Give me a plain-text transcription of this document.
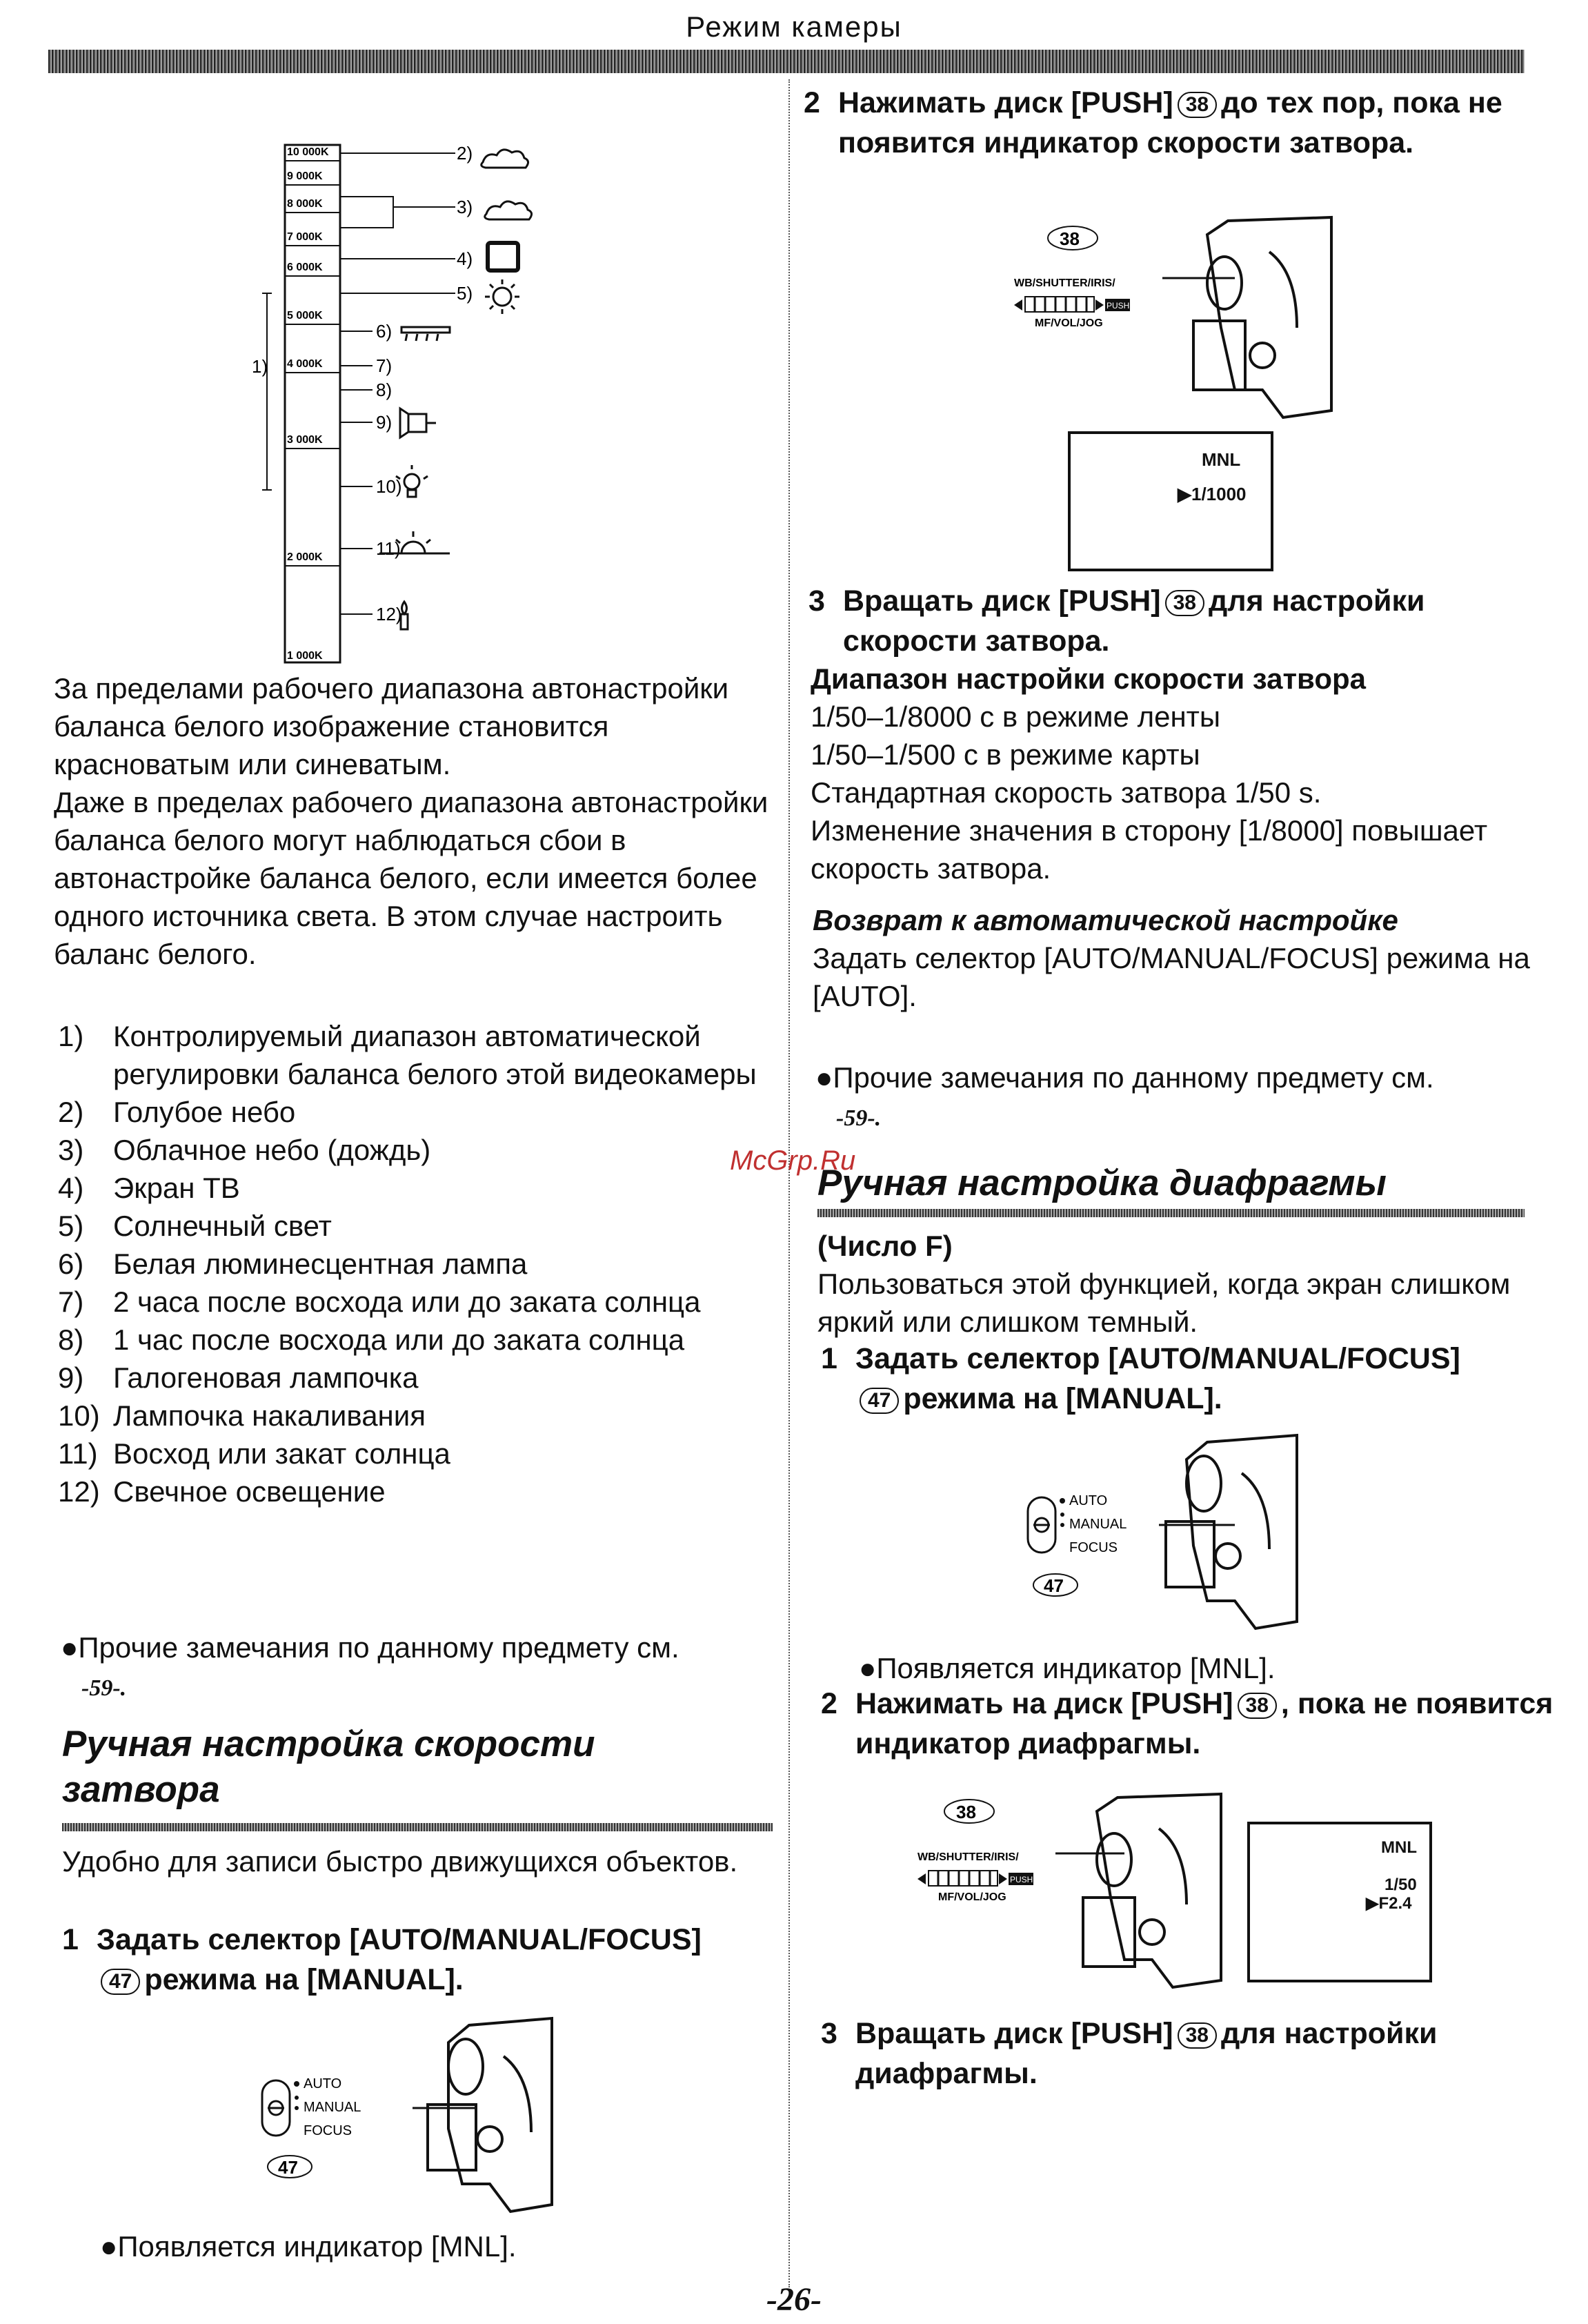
Режим камеры
10 000K
9 000K
8 000K
7 000K
6 000K
5 000K
4 000K
3 000K
2 000K
1 000K
1)
2)
3)
4)
5)
6)
7)
8)
9)
10)
11)
12)

За пределами рабочего диапазона автонастройки баланса белого изображение становится красноватым или синеватым.

Даже в пределах рабочего диапазона автонастройки баланса белого могут наблюдаться сбои в автонастройке баланса белого, если имеется более одного источника света. В этом случае настроить баланс белого.

1)	Контролируемый диапазон автоматической регулировки баланса белого этой видеокамеры
2)	Голубое небо
3)	Облачное небо (дождь)
4)	Экран ТВ
5)	Солнечный свет
6)	Белая люминесцентная лампа
7)	2 часа после восхода или до заката солнца
8)	1 час после восхода или до заката солнца
9)	Галогеновая лампочка
10) Лампочка накаливания
11) Восход или закат солнца
12) Свечное освещение

●Прочие замечания по данному предмету см.

-59-.

Ручная настройка скорости затвора
Удобно для записи быстро движущихся объектов.
1 Задать селектор [AUTO/MANUAL/FOCUS]
47 режима на [MANUAL].
AUTO
MANUAL
FOCUS
47
●Появляется индикатор [MNL].
2 Нажимать диск [PUSH] 38 до тех пор, пока не появится индикатор скорости затвора.
38
WB/SHUTTER/IRIS/
PUSH
MF/VOL/JOG
MNL
▶1/1000
3 Вращать диск [PUSH] 38 для настройки скорости затвора.

Диапазон настройки скорости затвора

1/50–1/8000 с в режиме ленты

1/50–1/500 с в режиме карты

Стандартная скорость затвора 1/50 s.

Изменение значения в сторону [1/8000] повышает скорость затвора.

Возврат к автоматической настройке

Задать селектор [AUTO/MANUAL/FOCUS] режима на [AUTO].

●Прочие замечания по данному предмету см.

-59-.

McGrp.Ru
Ручная настройка диафрагмы

(Число F)

Пользоваться этой функцией, когда экран слишком яркий или слишком темный.

1 Задать селектор [AUTO/MANUAL/FOCUS]
47 режима на [MANUAL].
AUTO
MANUAL
FOCUS
47
●Появляется индикатор [MNL].
2 Нажимать на диск [PUSH] 38 , пока не появится индикатор диафрагмы.
38
WB/SHUTTER/IRIS/
PUSH
MF/VOL/JOG
MNL
1/50
▶F2.4
3 Вращать диск [PUSH] 38 для настройки диафрагмы.
-26-
